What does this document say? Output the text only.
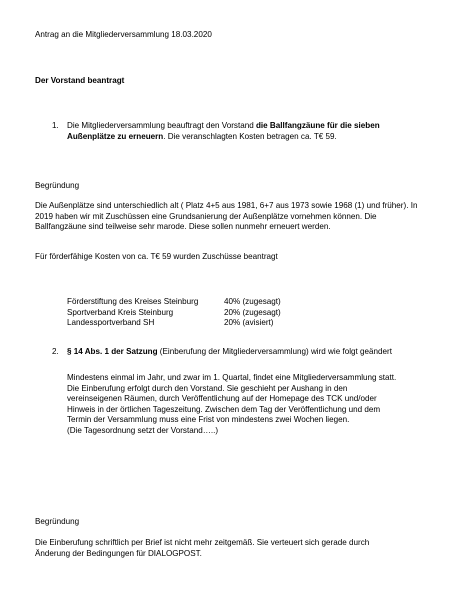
Antrag an die Mitgliederversammlung 18.03.2020

Der Vorstand beantragt

1. Die Mitgliederversammlung beauftragt den Vorstand die Ballfangzäune für die sieben Außenplätze zu erneuern. Die veranschlagten Kosten betragen ca. T€ 59.

Begründung

Die Außenplätze sind unterschiedlich alt ( Platz 4+5 aus 1981, 6+7 aus 1973 sowie 1968 (1) und früher). In 2019 haben wir mit Zuschüssen eine Grundsanierung der Außenplätze vornehmen können. Die Ballfangzäune sind teilweise sehr marode. Diese sollen nunmehr erneuert werden.

Für förderfähige Kosten von ca. T€ 59 wurden Zuschüsse beantragt

Förderstiftung des Kreises Steinburg	40% (zugesagt)
Sportverband Kreis Steinburg	20% (zugesagt)
Landessportverband SH	20% (avisiert)
2. § 14 Abs. 1 der Satzung (Einberufung der Mitgliederversammlung) wird wie folgt geändert

Mindestens einmal im Jahr, und zwar im 1. Quartal, findet eine Mitgliederversammlung statt.
Die Einberufung erfolgt durch den Vorstand. Sie geschieht per Aushang in den
vereinseigenen Räumen, durch Veröffentlichung auf der Homepage des TCK und/oder
Hinweis in der örtlichen Tageszeitung. Zwischen dem Tag der Veröffentlichung und dem
Termin der Versammlung muss eine Frist von mindestens zwei Wochen liegen.
(Die Tagesordnung setzt der Vorstand…..)

Begründung

Die Einberufung schriftlich per Brief ist nicht mehr zeitgemäß. Sie verteuert sich gerade durch
Änderung der Bedingungen für DIALOGPOST.
